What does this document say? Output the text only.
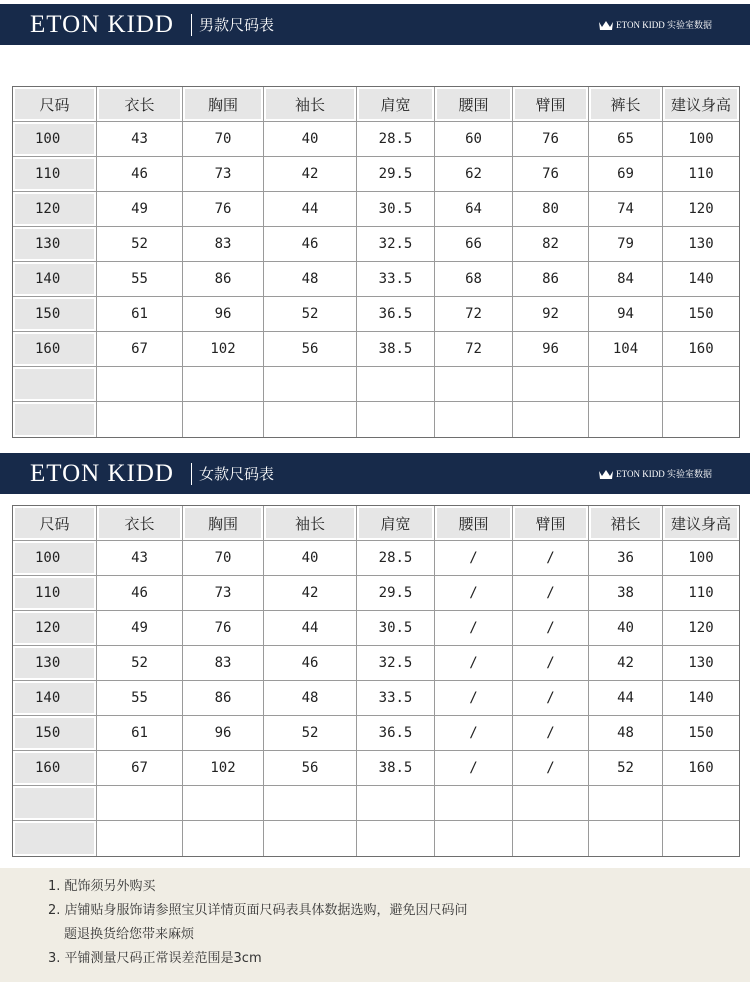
ETON KIDD 男款尺码表	ETON KIDD 实验室数据
尺码	衣长	胸围	袖长	肩宽	腰围	臂围	裤长	建议身高
100	43	70	40	28.5	60	76	65	100
110	46	73	42	29.5	62	76	69	110
120	49	76	44	30.5	64	80	74	120
130	52	83	46	32.5	66	82	79	130
140	55	86	48	33.5	68	86	84	140
150	61	96	52	36.5	72	92	94	150
160	67	102	56	38.5	72	96	104	160

ETON KIDD 女款尺码表	ETON KIDD 实验室数据
尺码	衣长	胸围	袖长	肩宽	腰围	臂围	裙长	建议身高
100	43	70	40	28.5	/	/	36	100
110	46	73	42	29.5	/	/	38	110
120	49	76	44	30.5	/	/	40	120
130	52	83	46	32.5	/	/	42	130
140	55	86	48	33.5	/	/	44	140
150	61	96	52	36.5	/	/	48	150
160	67	102	56	38.5	/	/	52	160

1. 配饰须另外购买

2. 店铺贴身服饰请参照宝贝详情页面尺码表具体数据选购，避免因尺码问

题退换货给您带来麻烦

3. 平铺测量尺码正常误差范围是3cm
